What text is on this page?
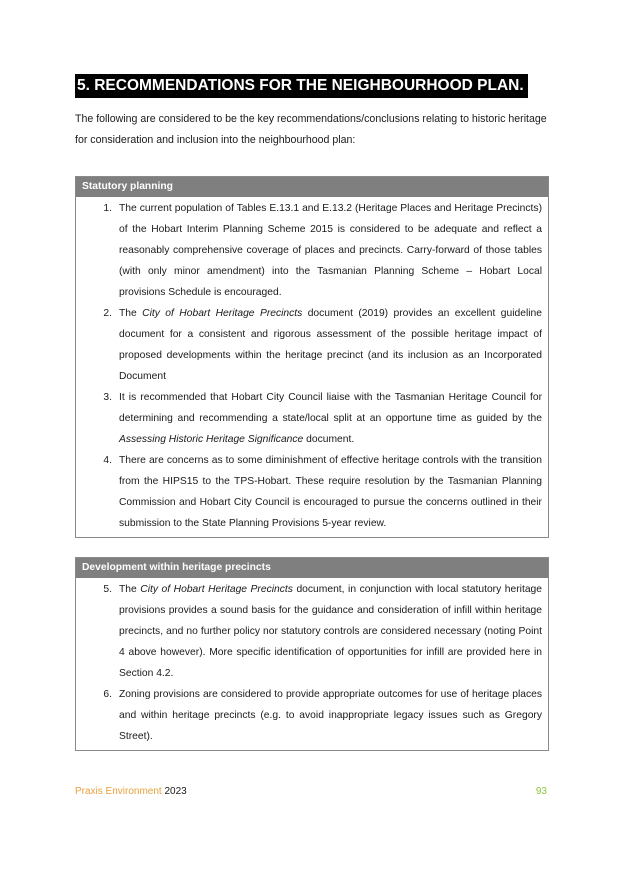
5. RECOMMENDATIONS FOR THE NEIGHBOURHOOD PLAN.

The following are considered to be the key recommendations/conclusions relating to historic heritage for consideration and inclusion into the neighbourhood plan:

Statutory planning
1. The current population of Tables E.13.1 and E.13.2 (Heritage Places and Heritage Precincts) of the Hobart Interim Planning Scheme 2015 is considered to be adequate and reflect a reasonably comprehensive coverage of places and precincts. Carry-forward of those tables (with only minor amendment) into the Tasmanian Planning Scheme – Hobart Local provisions Schedule is encouraged.
2. The City of Hobart Heritage Precincts document (2019) provides an excellent guideline document for a consistent and rigorous assessment of the possible heritage impact of proposed developments within the heritage precinct (and its inclusion as an Incorporated Document
3. It is recommended that Hobart City Council liaise with the Tasmanian Heritage Council for determining and recommending a state/local split at an opportune time as guided by the Assessing Historic Heritage Significance document.
4. There are concerns as to some diminishment of effective heritage controls with the transition from the HIPS15 to the TPS-Hobart. These require resolution by the Tasmanian Planning Commission and Hobart City Council is encouraged to pursue the concerns outlined in their submission to the State Planning Provisions 5-year review.
Development within heritage precincts
5. The City of Hobart Heritage Precincts document, in conjunction with local statutory heritage provisions provides a sound basis for the guidance and consideration of infill within heritage precincts, and no further policy nor statutory controls are considered necessary (noting Point 4 above however). More specific identification of opportunities for infill are provided here in Section 4.2.
6. Zoning provisions are considered to provide appropriate outcomes for use of heritage places and within heritage precincts (e.g. to avoid inappropriate legacy issues such as Gregory Street).
Praxis Environment 2023	93
